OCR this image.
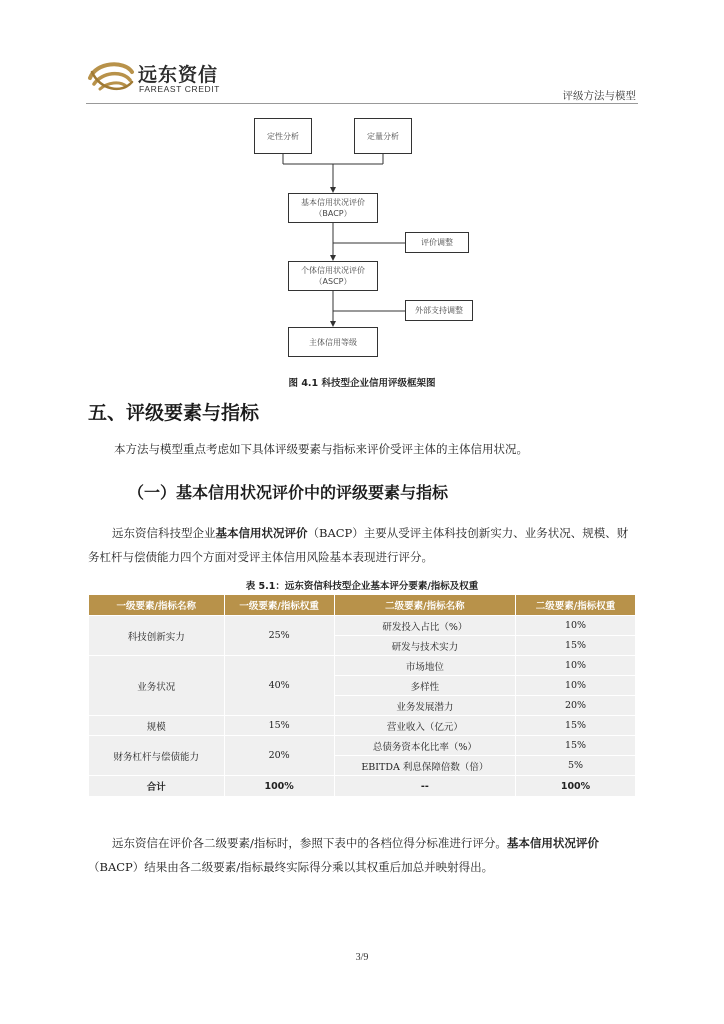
远东资信
FAREAST CREDIT
评级方法与模型
定性分析	定量分析
基本信用状况评价
（BACP）
评价调整
个体信用状况评价
（ASCP）
外部支持调整
主体信用等级
图 4.1 科技型企业信用评级框架图
五、评级要素与指标
本方法与模型重点考虑如下具体评级要素与指标来评价受评主体的主体信用状况。
（一）基本信用状况评价中的评级要素与指标
远东资信科技型企业基本信用状况评价（BACP）主要从受评主体科技创新实力、业务状况、规模、财务杠杆与偿债能力四个方面对受评主体信用风险基本表现进行评分。
表 5.1：远东资信科技型企业基本评分要素/指标及权重
一级要素/指标名称	一级要素/指标权重	二级要素/指标名称	二级要素/指标权重
科技创新实力	25%	研发投入占比（%）	10%
		研发与技术实力	15%
业务状况	40%	市场地位	10%
		多样性	10%
		业务发展潜力	20%
规模	15%	营业收入（亿元）	15%
财务杠杆与偿债能力	20%	总债务资本化比率（%）	15%
		EBITDA 利息保障倍数（倍）	5%
合计	100%	--	100%
远东资信在评价各二级要素/指标时，参照下表中的各档位得分标准进行评分。基本信用状况评价（BACP）结果由各二级要素/指标最终实际得分乘以其权重后加总并映射得出。
3/9
